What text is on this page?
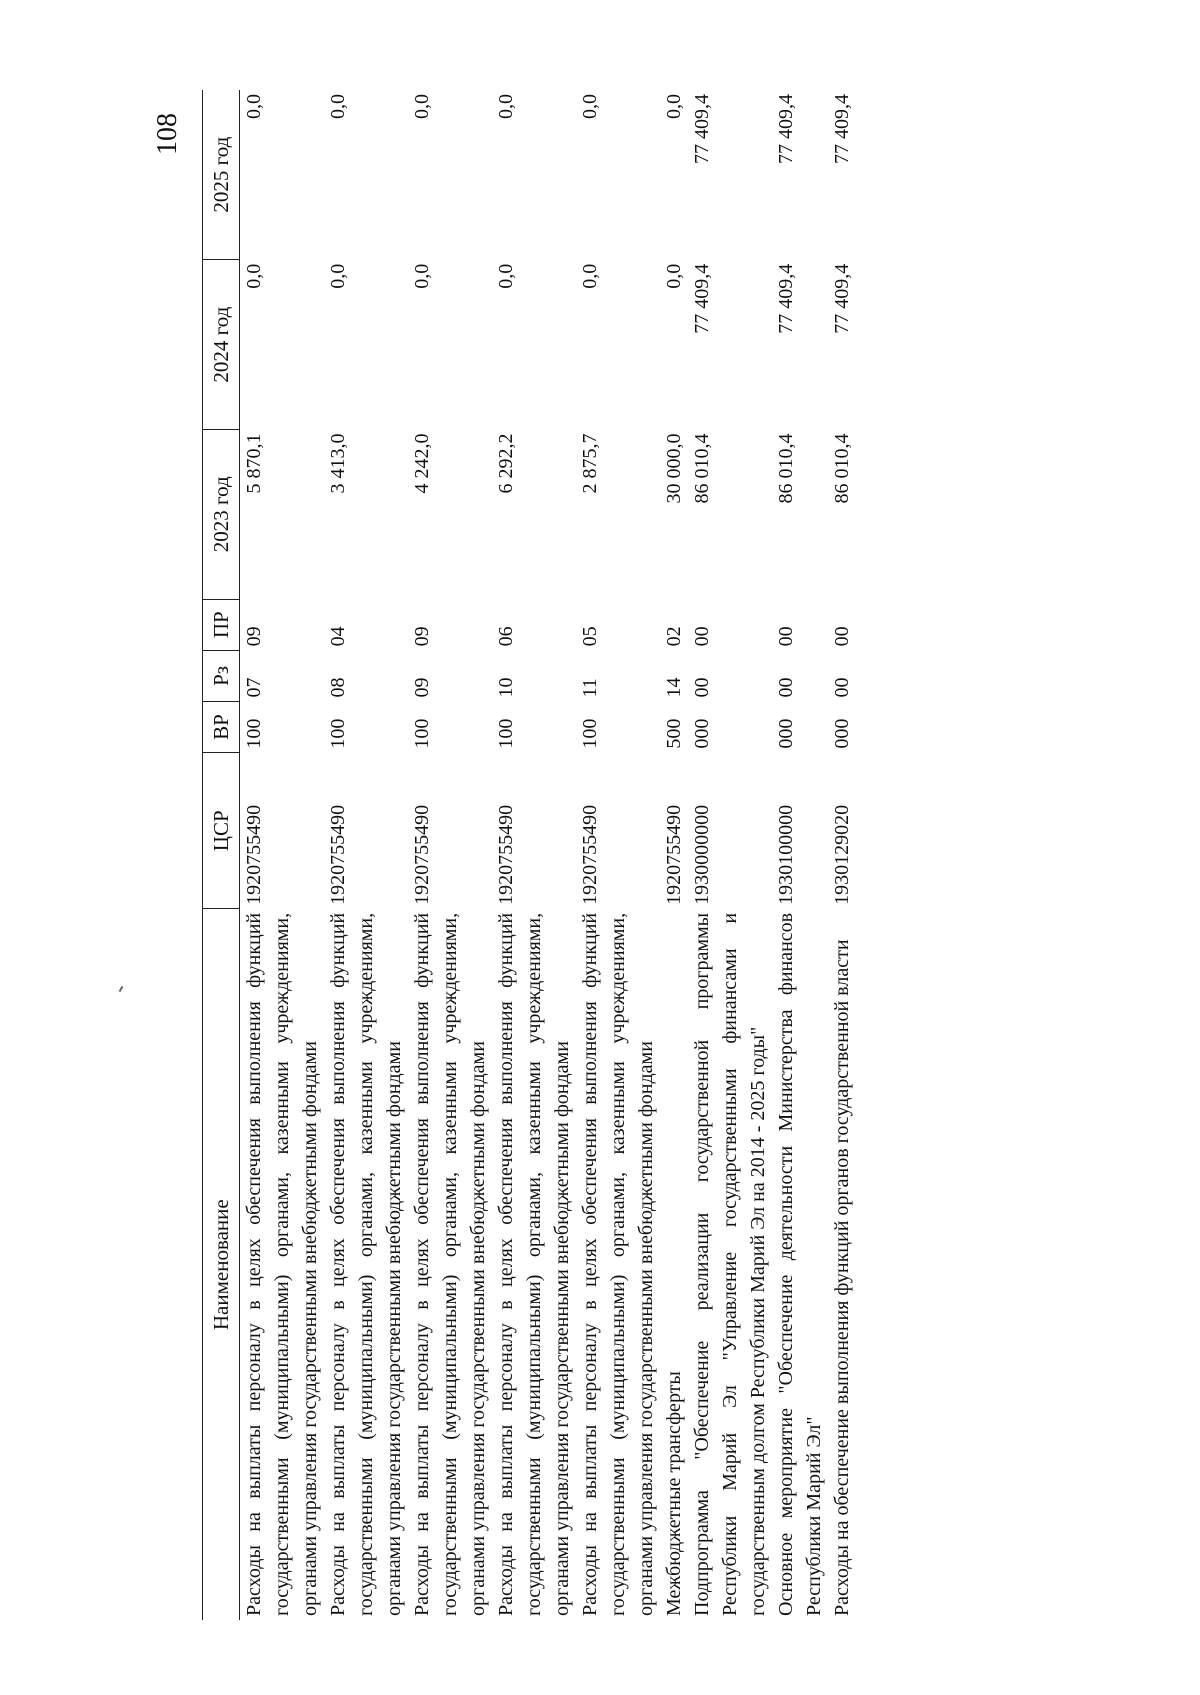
108
Наименование	ЦСР	ВР	Рз	ПР	2023 год	2024 год	2025 год
Расходы на выплаты персоналу в целях обеспечения выполнения функций государственными (муниципальными) органами, казенными учреждениями, органами управления государственными внебюджетными фондами	1920755490	100	07	09	5 870,1	0,0	0,0
Расходы на выплаты персоналу в целях обеспечения выполнения функций государственными (муниципальными) органами, казенными учреждениями, органами управления государственными внебюджетными фондами	1920755490	100	08	04	3 413,0	0,0	0,0
Расходы на выплаты персоналу в целях обеспечения выполнения функций государственными (муниципальными) органами, казенными учреждениями, органами управления государственными внебюджетными фондами	1920755490	100	09	09	4 242,0	0,0	0,0
Расходы на выплаты персоналу в целях обеспечения выполнения функций государственными (муниципальными) органами, казенными учреждениями, органами управления государственными внебюджетными фондами	1920755490	100	10	06	6 292,2	0,0	0,0
Расходы на выплаты персоналу в целях обеспечения выполнения функций государственными (муниципальными) органами, казенными учреждениями, органами управления государственными внебюджетными фондами	1920755490	100	11	05	2 875,7	0,0	0,0
Межбюджетные трансферты	1920755490	500	14	02	30 000,0	0,0	0,0
Подпрограмма "Обеспечение реализации государственной программы Республики Марий Эл "Управление государственными финансами и государственным долгом Республики Марий Эл на 2014 - 2025 годы"	1930000000	000	00	00	86 010,4	77 409,4	77 409,4
Основное мероприятие "Обеспечение деятельности Министерства финансов Республики Марий Эл"	1930100000	000	00	00	86 010,4	77 409,4	77 409,4
Расходы на обеспечение выполнения функций органов государственной власти	1930129020	000	00	00	86 010,4	77 409,4	77 409,4
